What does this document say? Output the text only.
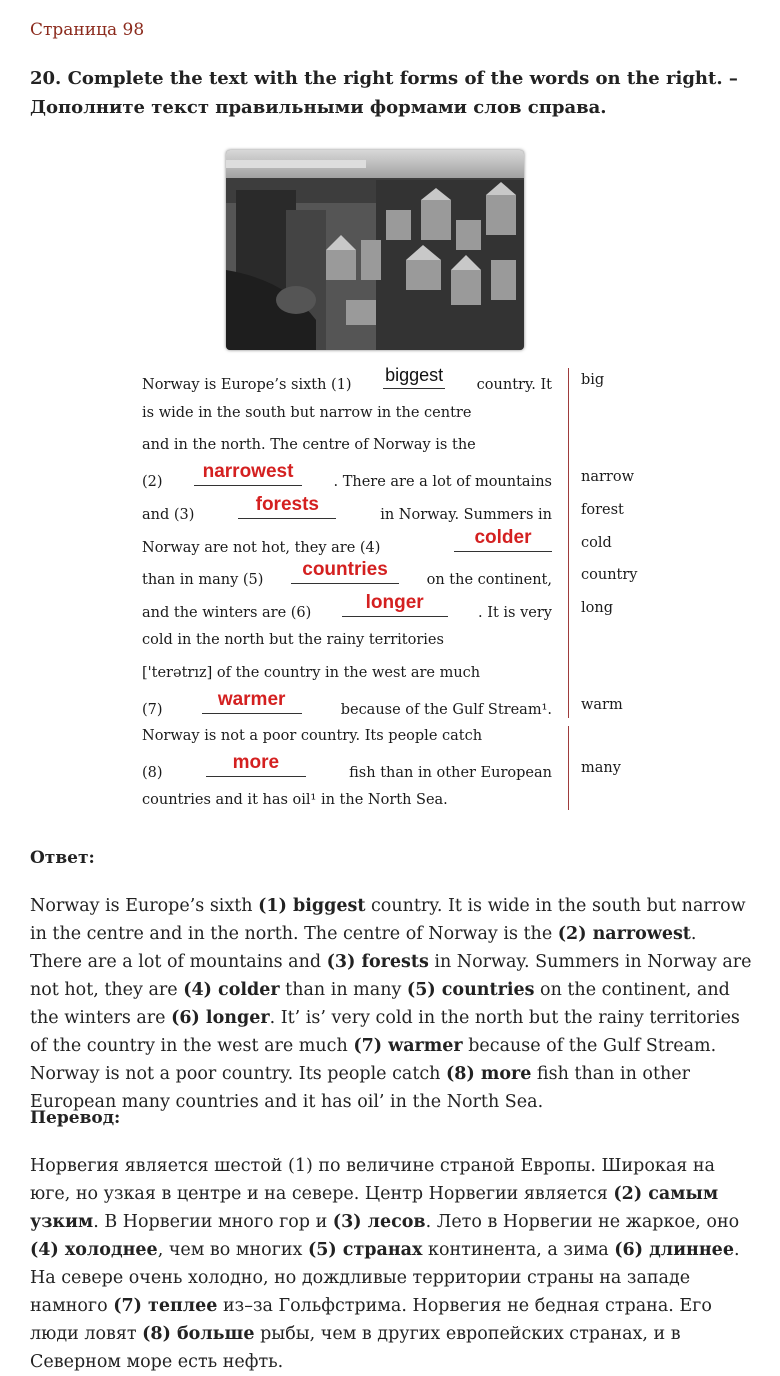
Страница 98
20. Complete the text with the right forms of the words on the right. – Дополните текст правильными формами слов справа.
Norway is Europe’s sixth (1) biggest country. It
is wide in the south but narrow in the centre
and in the north. The centre of Norway is the
(2)	narrowest	. There are a lot of mountains
and (3)	forests	in Norway. Summers in
Norway are not hot, they are (4)	colder
than in many (5)	countries	on the continent,
and the winters are (6)	longer	. It is very
cold in the north but the rainy territories
['terətrız] of the country in the west are much
(7)	warmer	because of the Gulf Stream¹.
Norway is not a poor country. Its people catch
(8)	more	fish than in other European
countries and it has oil¹ in the North Sea.
big
narrow
forest
cold
country
long
warm
many
Ответ:
Norway is Europe’s sixth (1) biggest country. It is wide in the south but narrow in the centre and in the north. The centre of Norway is the (2) narrowest. There are a lot of mountains and (3) forests in Norway. Summers in Norway are not hot, they are (4) colder than in many (5) countries on the continent, and the winters are (6) longer. It’ is’ very cold in the north but the rainy territories of the country in the west are much (7) warmer because of the Gulf Stream. Norway is not a poor country. Its people catch (8) more fish than in other European many countries and it has oil’ in the North Sea.
Перевод:
Норвегия является шестой (1) по величине страной Европы. Широкая на юге, но узкая в центре и на севере. Центр Норвегии является (2) самым узким. В Норвегии много гор и (3) лесов. Лето в Норвегии не жаркое, оно (4) холоднее, чем во многих (5) странах континента, а зима (6) длиннее. На севере очень холодно, но дождливые территории страны на западе намного (7) теплее из–за Гольфстрима. Норвегия не бедная страна. Его люди ловят (8) больше рыбы, чем в других европейских странах, и в Северном море есть нефть.
